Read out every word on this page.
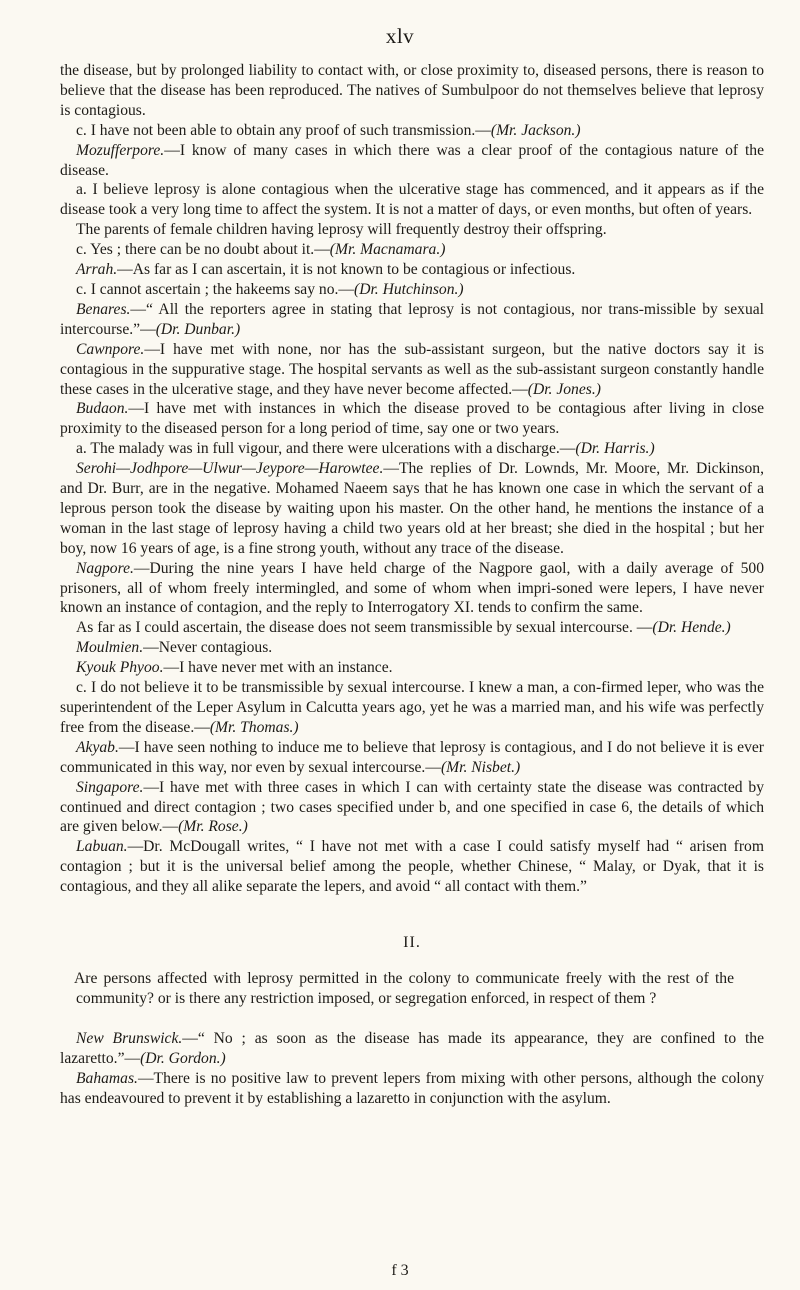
xlv

the disease, but by prolonged liability to contact with, or close proximity to, diseased persons, there is reason to believe that the disease has been reproduced. The natives of Sumbulpoor do not themselves believe that leprosy is contagious.

c. I have not been able to obtain any proof of such transmission.—(Mr. Jackson.)

Mozufferpore.—I know of many cases in which there was a clear proof of the contagious nature of the disease.

a. I believe leprosy is alone contagious when the ulcerative stage has commenced, and it appears as if the disease took a very long time to affect the system. It is not a matter of days, or even months, but often of years.

The parents of female children having leprosy will frequently destroy their offspring.

c. Yes ; there can be no doubt about it.—(Mr. Macnamara.)

Arrah.—As far as I can ascertain, it is not known to be contagious or infectious.

c. I cannot ascertain ; the hakeems say no.—(Dr. Hutchinson.)

Benares.—“ All the reporters agree in stating that leprosy is not contagious, nor trans-missible by sexual intercourse.”—(Dr. Dunbar.)

Cawnpore.—I have met with none, nor has the sub-assistant surgeon, but the native doctors say it is contagious in the suppurative stage. The hospital servants as well as the sub-assistant surgeon constantly handle these cases in the ulcerative stage, and they have never become affected.—(Dr. Jones.)

Budaon.—I have met with instances in which the disease proved to be contagious after living in close proximity to the diseased person for a long period of time, say one or two years.

a. The malady was in full vigour, and there were ulcerations with a discharge.—(Dr. Harris.)

Serohi—Jodhpore—Ulwur—Jeypore—Harowtee.—The replies of Dr. Lownds, Mr. Moore, Mr. Dickinson, and Dr. Burr, are in the negative. Mohamed Naeem says that he has known one case in which the servant of a leprous person took the disease by waiting upon his master. On the other hand, he mentions the instance of a woman in the last stage of leprosy having a child two years old at her breast; she died in the hospital ; but her boy, now 16 years of age, is a fine strong youth, without any trace of the disease.

Nagpore.—During the nine years I have held charge of the Nagpore gaol, with a daily average of 500 prisoners, all of whom freely intermingled, and some of whom when impri-soned were lepers, I have never known an instance of contagion, and the reply to Interrogatory XI. tends to confirm the same.

As far as I could ascertain, the disease does not seem transmissible by sexual intercourse. —(Dr. Hende.)

Moulmien.—Never contagious.

Kyouk Phyoo.—I have never met with an instance.

c. I do not believe it to be transmissible by sexual intercourse. I knew a man, a con-firmed leper, who was the superintendent of the Leper Asylum in Calcutta years ago, yet he was a married man, and his wife was perfectly free from the disease.—(Mr. Thomas.)

Akyab.—I have seen nothing to induce me to believe that leprosy is contagious, and I do not believe it is ever communicated in this way, nor even by sexual intercourse.—(Mr. Nisbet.)

Singapore.—I have met with three cases in which I can with certainty state the disease was contracted by continued and direct contagion ; two cases specified under b, and one specified in case 6, the details of which are given below.—(Mr. Rose.)

Labuan.—Dr. McDougall writes, “ I have not met with a case I could satisfy myself had “ arisen from contagion ; but it is the universal belief among the people, whether Chinese, “ Malay, or Dyak, that it is contagious, and they all alike separate the lepers, and avoid “ all contact with them.”

II.

Are persons affected with leprosy permitted in the colony to communicate freely with the rest of the community? or is there any restriction imposed, or segregation enforced, in respect of them ?

New Brunswick.—“ No ; as soon as the disease has made its appearance, they are confined to the lazaretto.”—(Dr. Gordon.)

Bahamas.—There is no positive law to prevent lepers from mixing with other persons, although the colony has endeavoured to prevent it by establishing a lazaretto in conjunction with the asylum.

f 3
